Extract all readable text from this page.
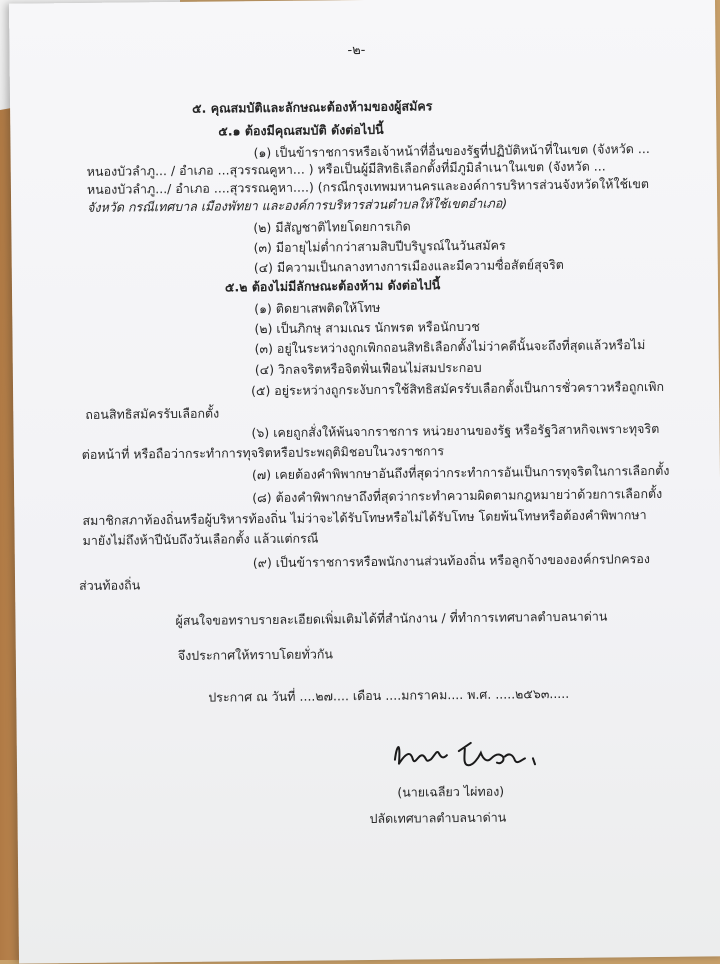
-๒-
๕. คุณสมบัติและลักษณะต้องห้ามของผู้สมัคร
๕.๑ ต้องมีคุณสมบัติ ดังต่อไปนี้
(๑) เป็นข้าราชการหรือเจ้าหน้าที่อื่นของรัฐที่ปฏิบัติหน้าที่ในเขต (จังหวัด ...
หนองบัวลำภู... / อำเภอ ...สุวรรณคูหา... ) หรือเป็นผู้มีสิทธิเลือกตั้งที่มีภูมิลำเนาในเขต (จังหวัด ...
หนองบัวลำภู.../ อำเภอ ....สุวรรณคูหา....) (กรณีกรุงเทพมหานครและองค์การบริหารส่วนจังหวัดให้ใช้เขต
จังหวัด กรณีเทศบาล เมืองพัทยา และองค์การบริหารส่วนตำบลให้ใช้เขตอำเภอ)
(๒) มีสัญชาติไทยโดยการเกิด
(๓) มีอายุไม่ต่ำกว่าสามสิบปีบริบูรณ์ในวันสมัคร
(๔) มีความเป็นกลางทางการเมืองและมีความซื่อสัตย์สุจริต
๕.๒ ต้องไม่มีลักษณะต้องห้าม ดังต่อไปนี้
(๑) ติดยาเสพติดให้โทษ
(๒) เป็นภิกษุ สามเณร นักพรต หรือนักบวช
(๓) อยู่ในระหว่างถูกเพิกถอนสิทธิเลือกตั้งไม่ว่าคดีนั้นจะถึงที่สุดแล้วหรือไม่
(๔) วิกลจริตหรือจิตฟั่นเฟือนไม่สมประกอบ
(๕) อยู่ระหว่างถูกระงับการใช้สิทธิสมัครรับเลือกตั้งเป็นการชั่วคราวหรือถูกเพิก
ถอนสิทธิสมัครรับเลือกตั้ง
(๖) เคยถูกสั่งให้พ้นจากราชการ หน่วยงานของรัฐ หรือรัฐวิสาหกิจเพราะทุจริต
ต่อหน้าที่ หรือถือว่ากระทำการทุจริตหรือประพฤติมิชอบในวงราชการ
(๗) เคยต้องคำพิพากษาอันถึงที่สุดว่ากระทำการอันเป็นการทุจริตในการเลือกตั้ง
(๘) ต้องคำพิพากษาถึงที่สุดว่ากระทำความผิดตามกฎหมายว่าด้วยการเลือกตั้ง
สมาชิกสภาท้องถิ่นหรือผู้บริหารท้องถิ่น ไม่ว่าจะได้รับโทษหรือไม่ได้รับโทษ โดยพ้นโทษหรือต้องคำพิพากษา
มายังไม่ถึงห้าปีนับถึงวันเลือกตั้ง แล้วแต่กรณี
(๙) เป็นข้าราชการหรือพนักงานส่วนท้องถิ่น หรือลูกจ้างขององค์กรปกครอง
ส่วนท้องถิ่น
ผู้สนใจขอทราบรายละเอียดเพิ่มเติมได้ที่สำนักงาน / ที่ทำการเทศบาลตำบลนาด่าน
จึงประกาศให้ทราบโดยทั่วกัน
ประกาศ ณ วันที่ ....๒๗.... เดือน ....มกราคม.... พ.ศ. .....๒๕๖๓.....
(นายเฉลียว ไผ่ทอง)
ปลัดเทศบาลตำบลนาด่าน
